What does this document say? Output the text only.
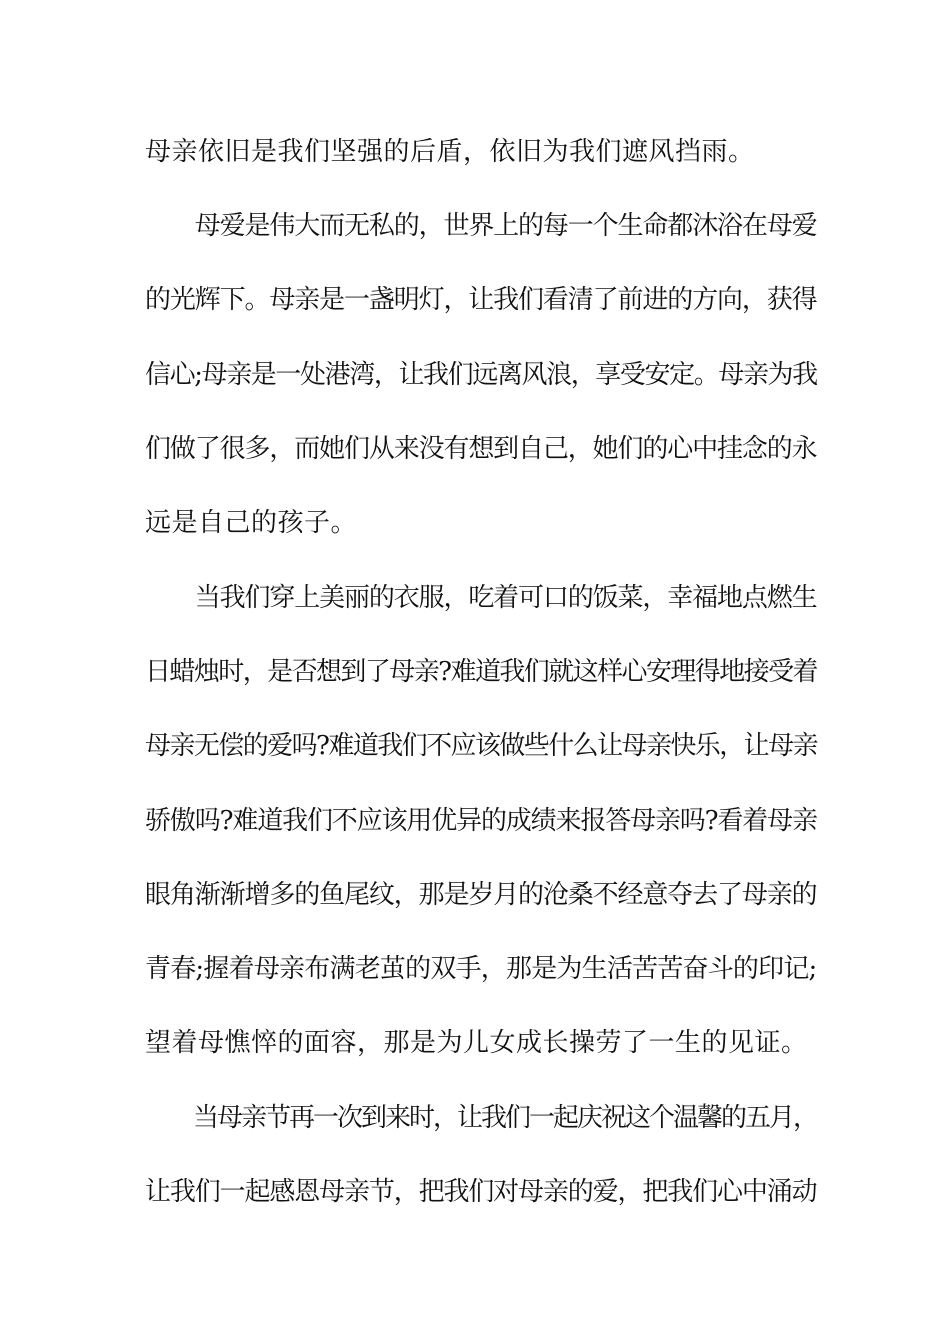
母亲依旧是我们坚强的后盾，依旧为我们遮风挡雨。
　　母爱是伟大而无私的，世界上的每一个生命都沐浴在母爱
的光辉下。母亲是一盏明灯，让我们看清了前进的方向，获得
信心;母亲是一处港湾，让我们远离风浪，享受安定。母亲为我
们做了很多，而她们从来没有想到自己，她们的心中挂念的永
远是自己的孩子。
　　当我们穿上美丽的衣服，吃着可口的饭菜，幸福地点燃生
日蜡烛时，是否想到了母亲?难道我们就这样心安理得地接受着
母亲无偿的爱吗?难道我们不应该做些什么让母亲快乐，让母亲
骄傲吗?难道我们不应该用优异的成绩来报答母亲吗?看着母亲
眼角渐渐增多的鱼尾纹，那是岁月的沧桑不经意夺去了母亲的
青春;握着母亲布满老茧的双手，那是为生活苦苦奋斗的印记;
望着母憔悴的面容，那是为儿女成长操劳了一生的见证。
　　当母亲节再一次到来时，让我们一起庆祝这个温馨的五月，
让我们一起感恩母亲节，把我们对母亲的爱，把我们心中涌动
